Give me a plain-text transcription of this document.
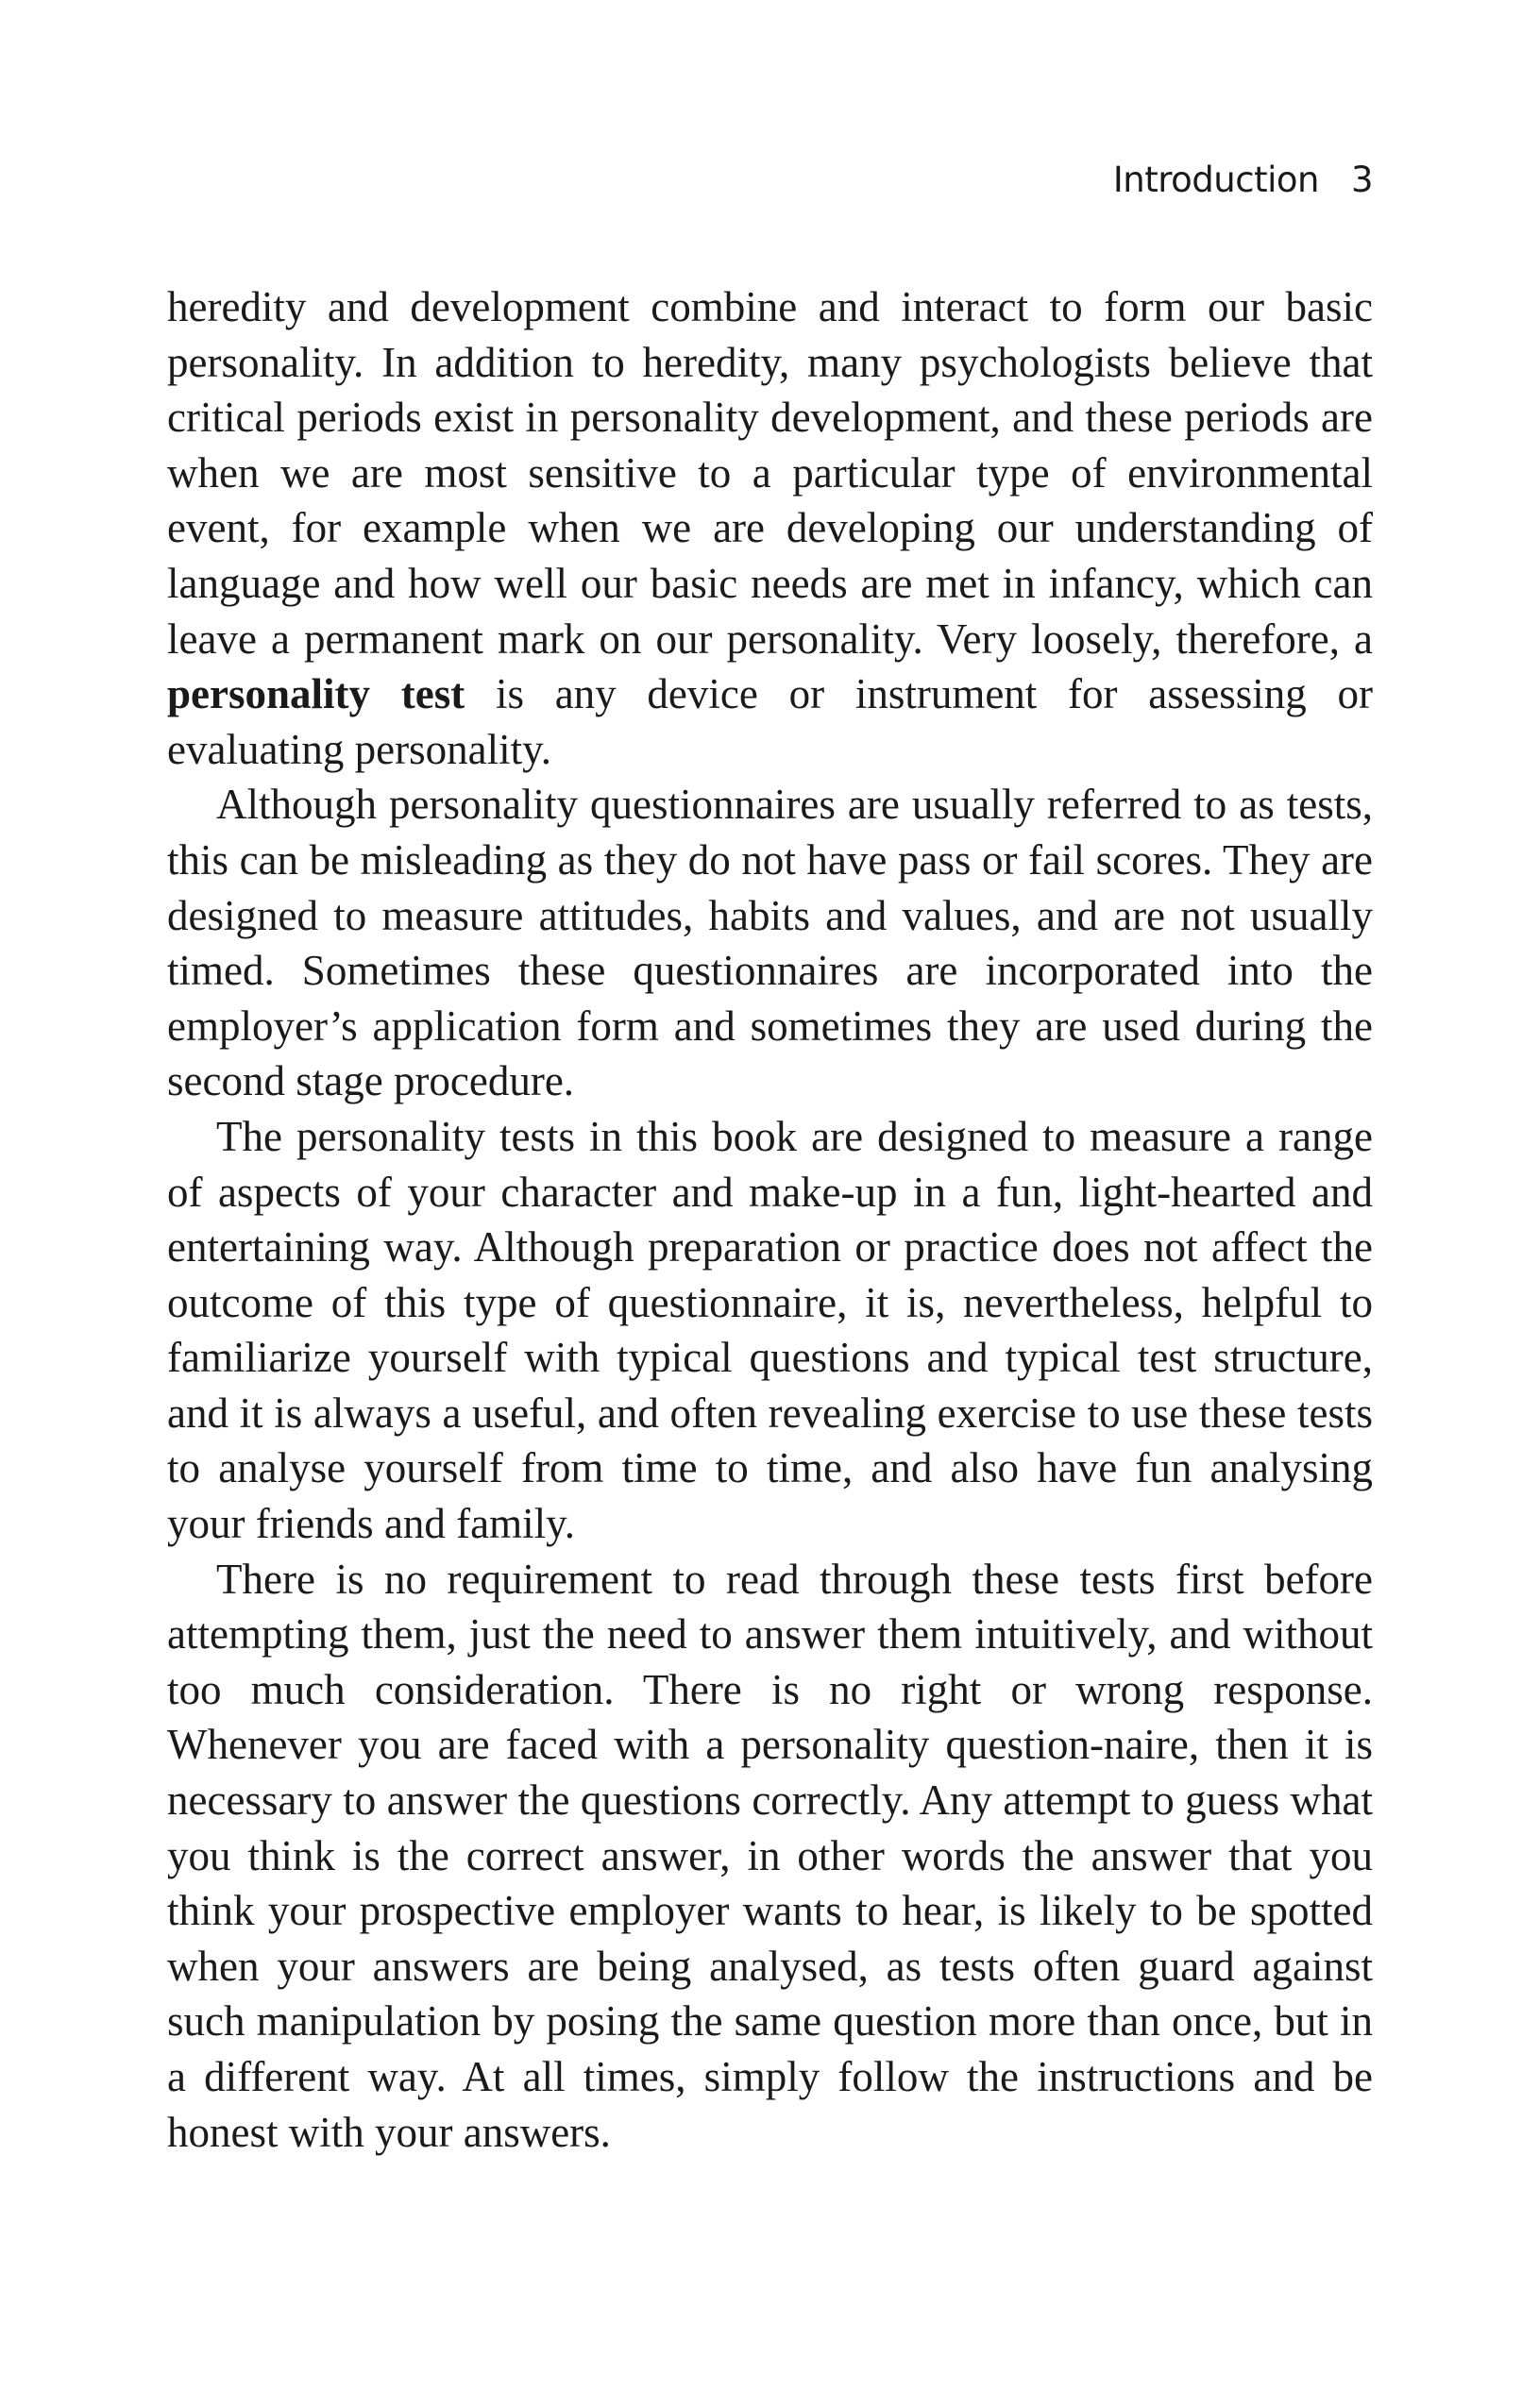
Introduction 3

heredity and development combine and interact to form our basic personality. In addition to heredity, many psychologists believe that critical periods exist in personality development, and these periods are when we are most sensitive to a particular type of environmental event, for example when we are developing our understanding of language and how well our basic needs are met in infancy, which can leave a permanent mark on our personality. Very loosely, therefore, a personality test is any device or instrument for assessing or evaluating personality.

Although personality questionnaires are usually referred to as tests, this can be misleading as they do not have pass or fail scores. They are designed to measure attitudes, habits and values, and are not usually timed. Sometimes these questionnaires are incorporated into the employer’s application form and sometimes they are used during the second stage procedure.

The personality tests in this book are designed to measure a range of aspects of your character and make-up in a fun, light-hearted and entertaining way. Although preparation or practice does not affect the outcome of this type of questionnaire, it is, nevertheless, helpful to familiarize yourself with typical questions and typical test structure, and it is always a useful, and often revealing exercise to use these tests to analyse yourself from time to time, and also have fun analysing your friends and family.

There is no requirement to read through these tests first before attempting them, just the need to answer them intuitively, and without too much consideration. There is no right or wrong response. Whenever you are faced with a personality question-naire, then it is necessary to answer the questions correctly. Any attempt to guess what you think is the correct answer, in other words the answer that you think your prospective employer wants to hear, is likely to be spotted when your answers are being analysed, as tests often guard against such manipulation by posing the same question more than once, but in a different way. At all times, simply follow the instructions and be honest with your answers.
